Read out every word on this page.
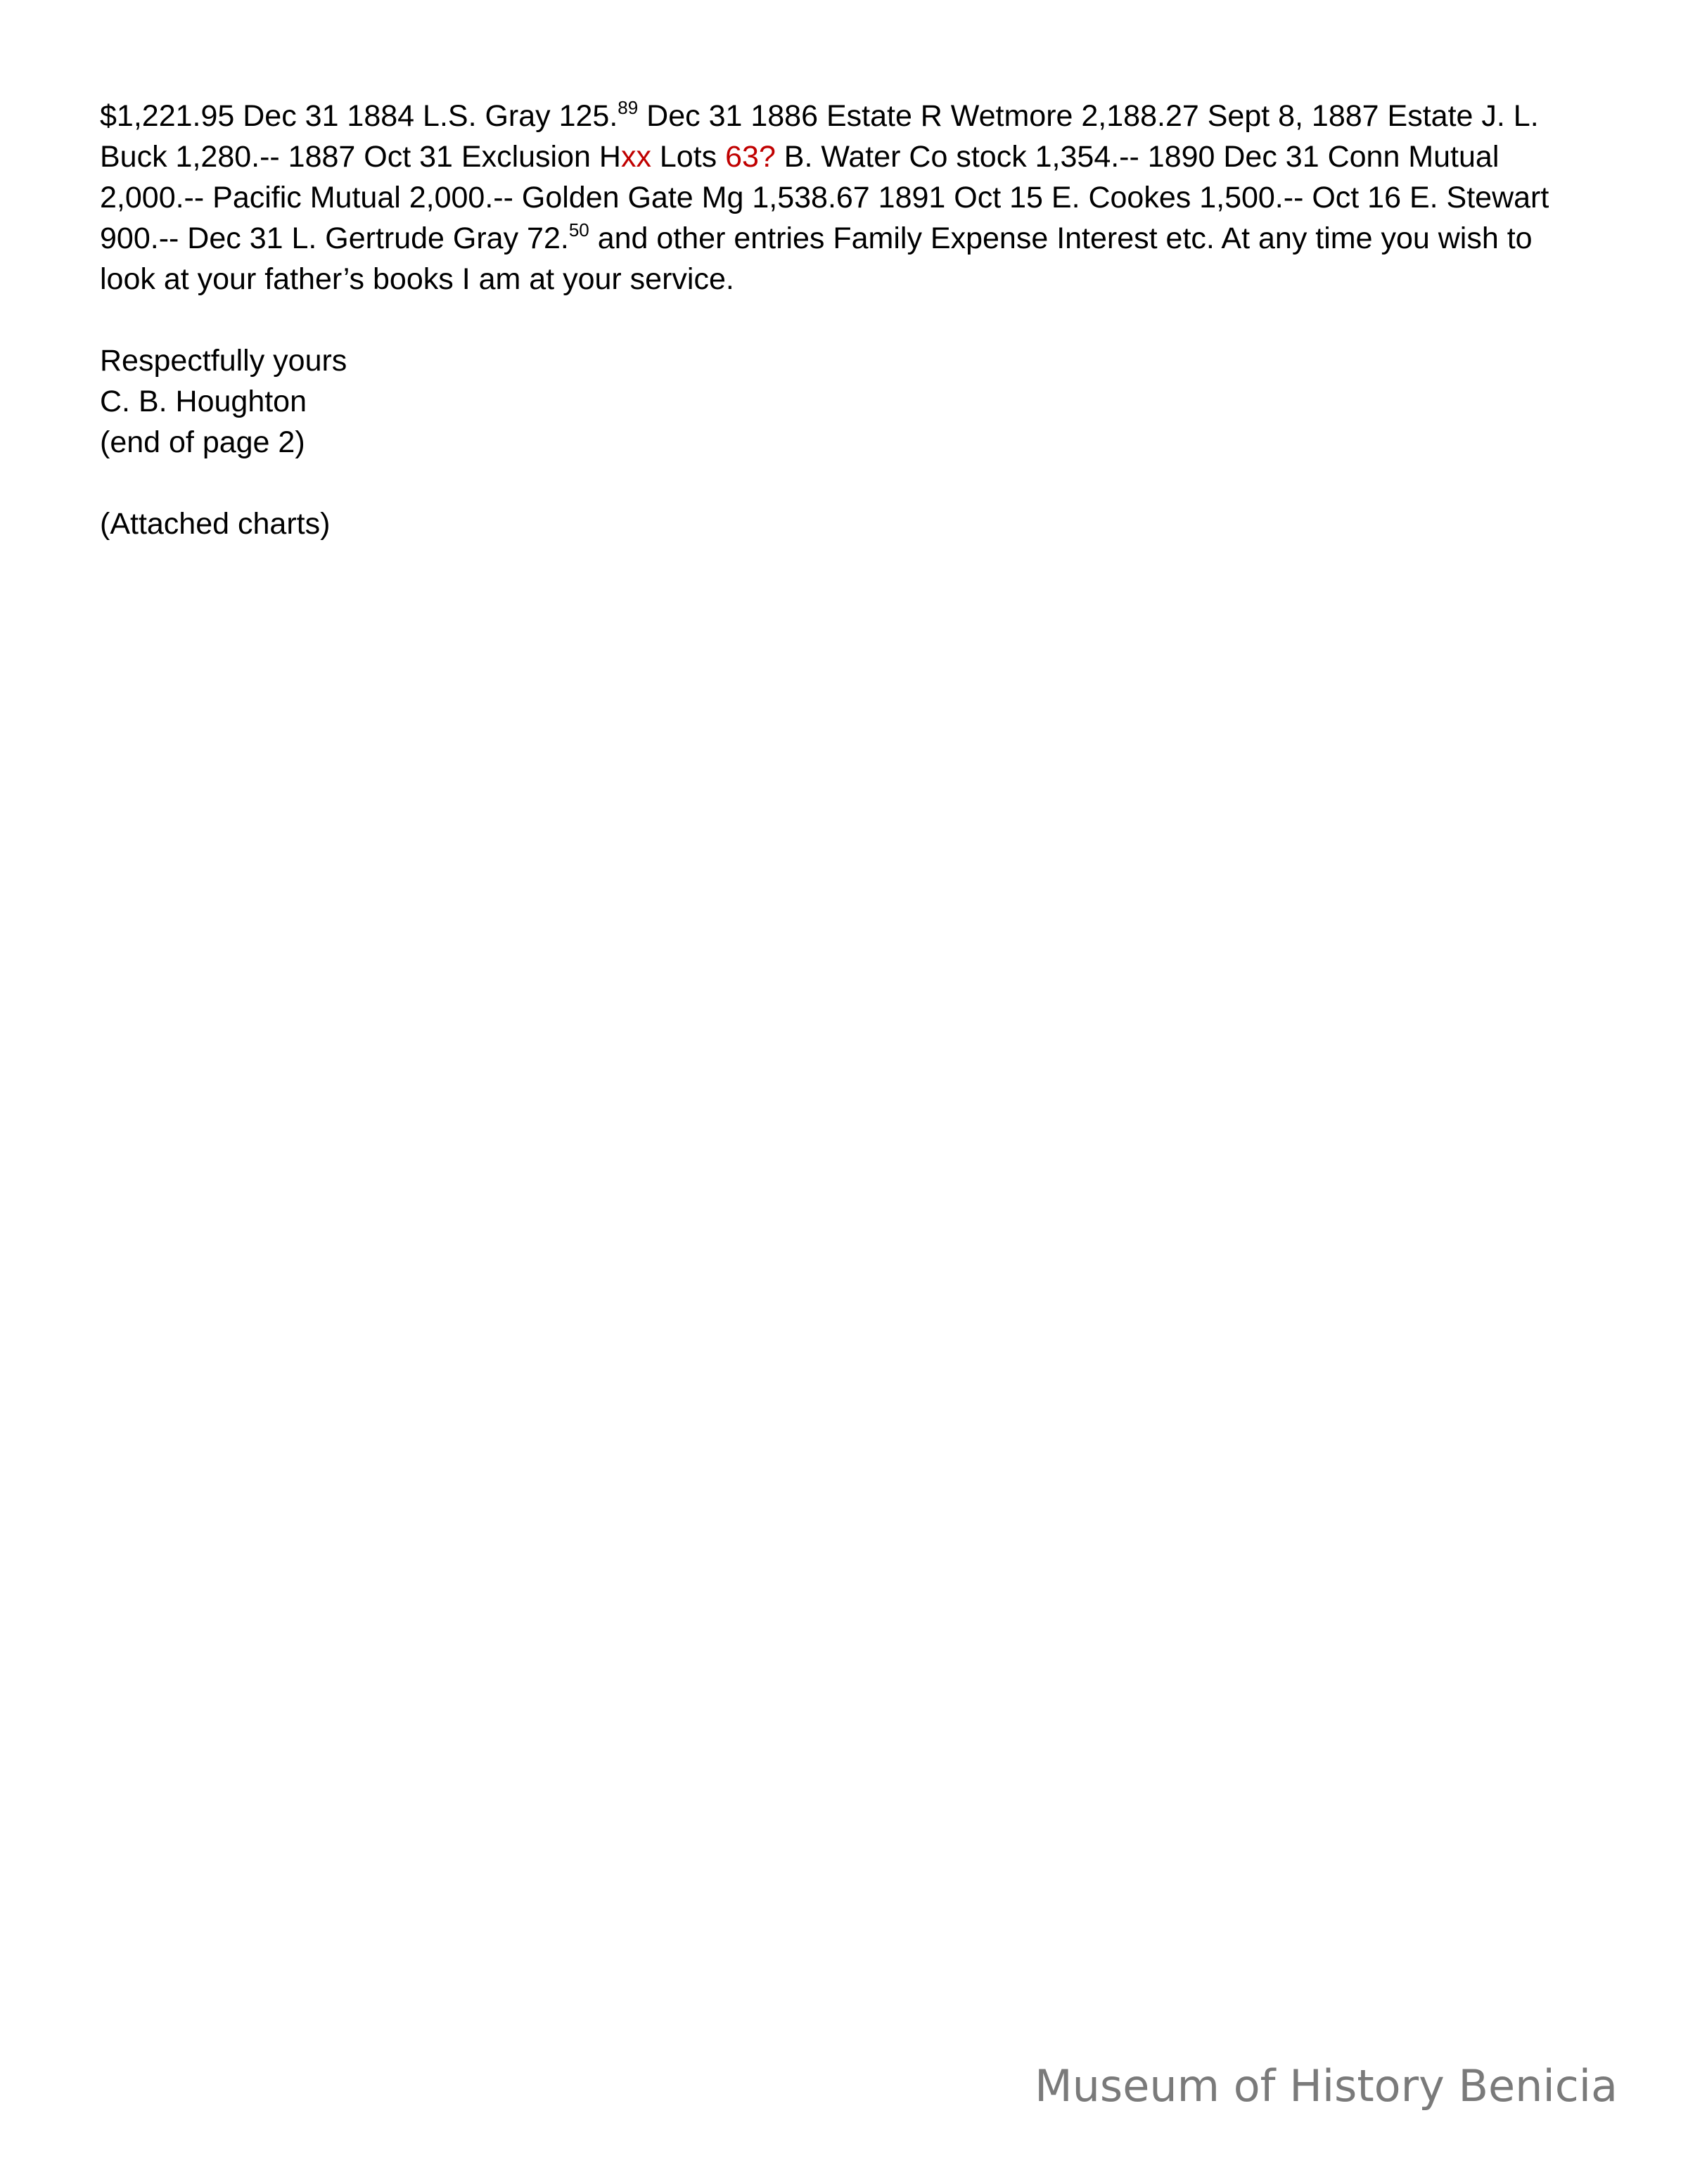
$1,221.95 Dec 31 1884 L.S. Gray 125.89 Dec 31 1886 Estate R Wetmore 2,188.27 Sept 8, 1887 Estate J. L. Buck 1,280.-- 1887 Oct 31 Exclusion Hxx Lots 63? B. Water Co stock 1,354.-- 1890 Dec 31 Conn Mutual 2,000.-- Pacific Mutual 2,000.-- Golden Gate Mg 1,538.67 1891 Oct 15 E. Cookes 1,500.-- Oct 16 E. Stewart 900.-- Dec 31 L. Gertrude Gray 72.50 and other entries Family Expense Interest etc. At any time you wish to look at your father’s books I am at your service.

Respectfully yours
C. B. Houghton
(end of page 2)
(Attached charts)
Museum of History Benicia
